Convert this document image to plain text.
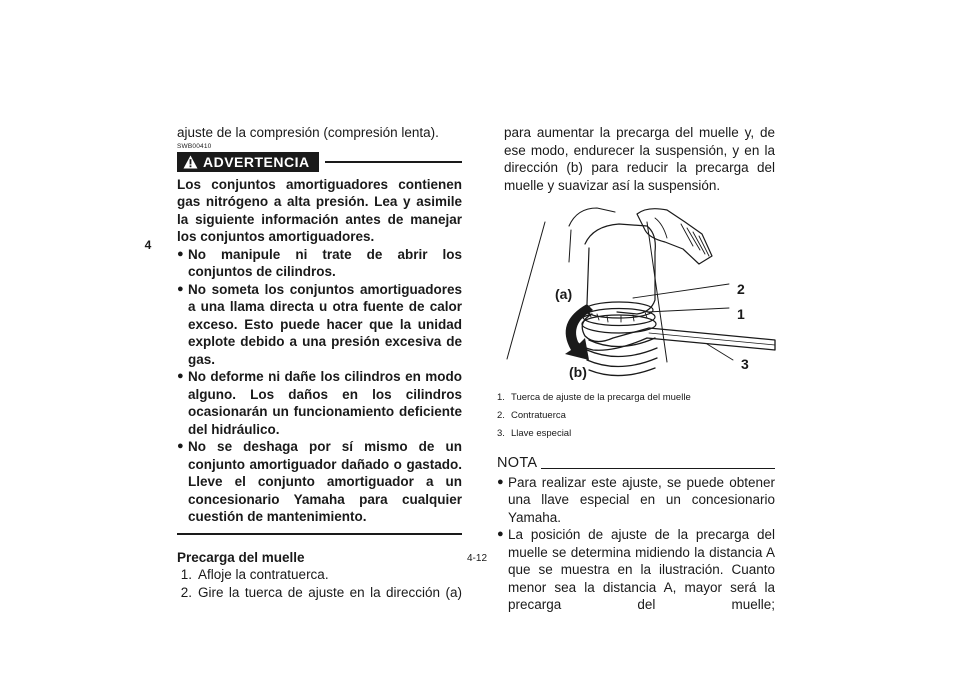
4

ajuste de la compresión (compresión lenta).

SWB00410
ADVERTENCIA

Los conjuntos amortiguadores contienen gas nitrógeno a alta presión. Lea y asimile la siguiente información antes de manejar los conjuntos amortiguadores.

● No manipule ni trate de abrir los conjuntos de cilindros.
● No someta los conjuntos amortiguadores a una llama directa u otra fuente de calor exceso. Esto puede hacer que la unidad explote debido a una presión excesiva de gas.
● No deforme ni dañe los cilindros en modo alguno. Los daños en los cilindros ocasionarán un funcionamiento deficiente del hidráulico.
● No se deshaga por sí mismo de un conjunto amortiguador dañado o gastado. Lleve el conjunto amortiguador a un concesionario Yamaha para cualquier cuestión de mantenimiento.

Precarga del muelle

1. Afloje la contratuerca.
2. Gire la tuerca de ajuste en la dirección (a)

para aumentar la precarga del muelle y, de ese modo, endurecer la suspensión, y en la dirección (b) para reducir la precarga del muelle y suavizar así la suspensión.

(a)
(b)
1
2
3
1. Tuerca de ajuste de la precarga del muelle
2. Contratuerca
3. Llave especial
NOTA
● Para realizar este ajuste, se puede obtener una llave especial en un concesionario Yamaha.
● La posición de ajuste de la precarga del muelle se determina midiendo la distancia A que se muestra en la ilustración. Cuanto menor sea la distancia A, mayor será la precarga del muelle;
4-12
